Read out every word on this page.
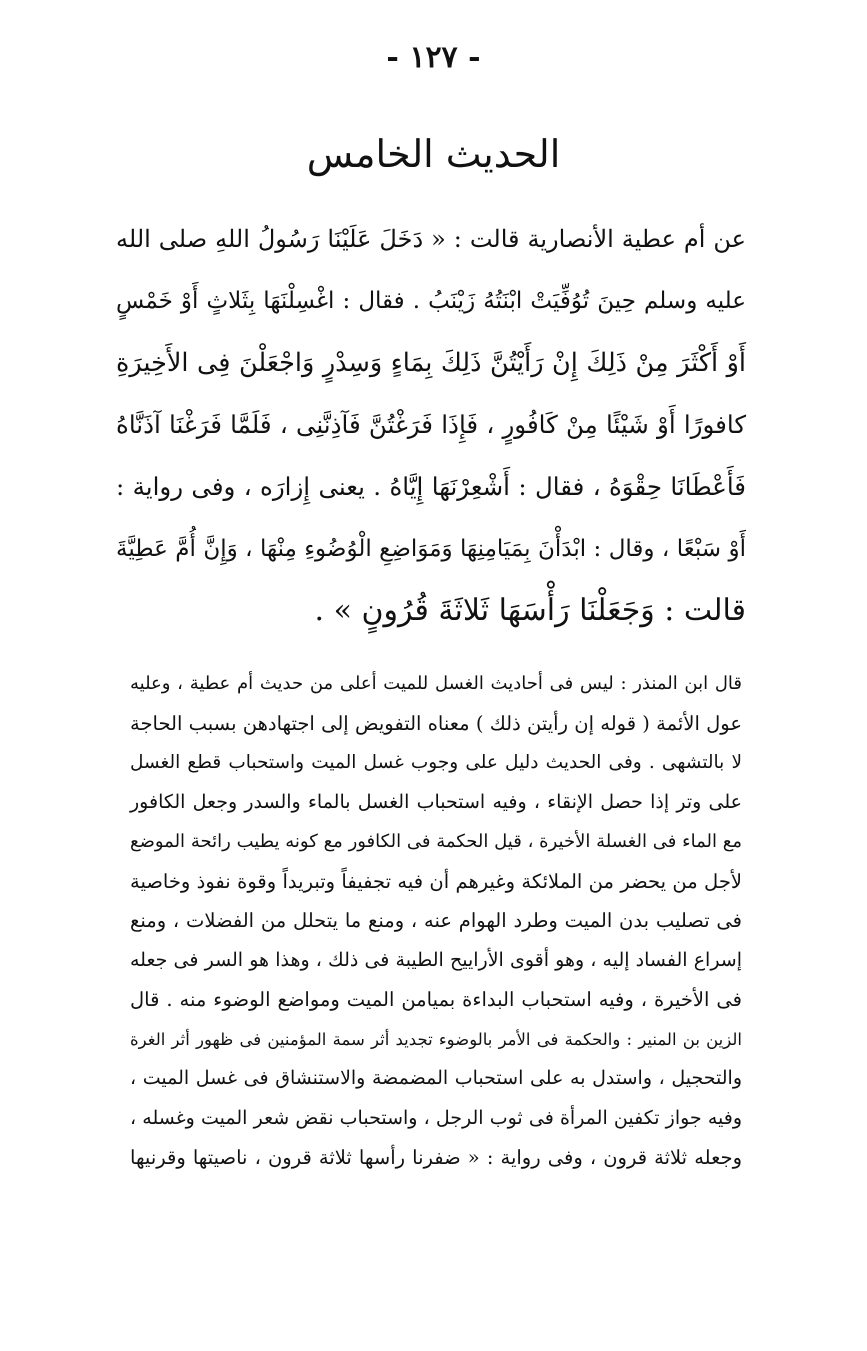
- ١٢٧ -
الحديث الخامس
عن أم عطية الأنصارية قالت : « دَخَلَ عَلَيْنَا رَسُولُ اللهِ صلى الله
عليه وسلم حِينَ تُوُفِّيَتْ ابْنَتُهُ زَيْنَبُ . فقال : اغْسِلْنَهَا بِثَلاثٍ أَوْ خَمْسٍ
أَوْ أَكْثَرَ مِنْ ذَلِكَ إِنْ رَأَيْتُنَّ ذَلِكَ بِمَاءٍ وَسِدْرٍ وَاجْعَلْنَ فِى الأَخِيرَةِ
كافورًا أَوْ شَيْئًا مِنْ كَافُورٍ ، فَإِذَا فَرَغْتُنَّ فَآذِنَّنِى ، فَلَمَّا فَرَغْنَا آذَنَّاهُ
فَأَعْطَانَا حِقْوَهُ ، فقال : أَشْعِرْنَهَا إِيَّاهُ . يعنى إِزارَه ، وفى رواية :
أَوْ سَبْعًا ، وقال : ابْدَأْنَ بِمَيَامِنِهَا وَمَوَاضِعِ الْوُضُوءِ مِنْهَا ، وَإِنَّ أُمَّ عَطِيَّةَ
قالت : وَجَعَلْنَا رَأْسَهَا ثَلاثَةَ قُرُونٍ » .
قال ابن المنذر : ليس فى أحاديث الغسل للميت أعلى من حديث أم عطية ، وعليه
عول الأئمة ( قوله إن رأيتن ذلك ) معناه التفويض إلى اجتهادهن بسبب الحاجة
لا بالتشهى . وفى الحديث دليل على وجوب غسل الميت واستحباب قطع الغسل
على وتر إذا حصل الإنقاء ، وفيه استحباب الغسل بالماء والسدر وجعل الكافور
مع الماء فى الغسلة الأخيرة ، قيل الحكمة فى الكافور مع كونه يطيب رائحة الموضع
لأجل من يحضر من الملائكة وغيرهم أن فيه تجفيفاً وتبريداً وقوة نفوذ وخاصية
فى تصليب بدن الميت وطرد الهوام عنه ، ومنع ما يتحلل من الفضلات ، ومنع
إسراع الفساد إليه ، وهو أقوى الأراييح الطيبة فى ذلك ، وهذا هو السر فى جعله
فى الأخيرة ، وفيه استحباب البداءة بميامن الميت ومواضع الوضوء منه . قال
الزين بن المنير : والحكمة فى الأمر بالوضوء تجديد أثر سمة المؤمنين فى ظهور أثر الغرة
والتحجيل ، واستدل به على استحباب المضمضة والاستنشاق فى غسل الميت ،
وفيه جواز تكفين المرأة فى ثوب الرجل ، واستحباب نقض شعر الميت وغسله ،
وجعله ثلاثة قرون ، وفى رواية : « ضفرنا رأسها ثلاثة قرون ، ناصيتها وقرنيها
